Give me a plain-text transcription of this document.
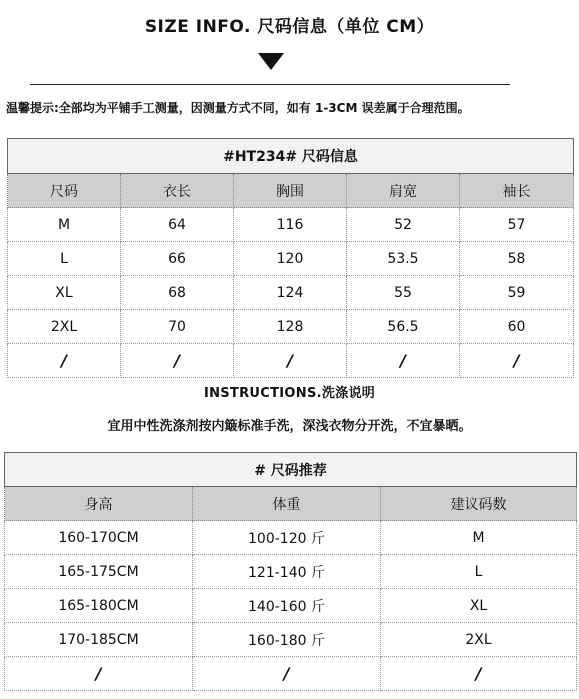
SIZE INFO. 尺码信息（单位 CM）
温馨提示:全部均为平铺手工测量，因测量方式不同，如有 1-3CM 误差属于合理范围。
#HT234# 尺码信息				
尺码	衣长	胸围	肩宽	袖长
M	64	116	52	57
L	66	120	53.5	58
XL	68	124	55	59
2XL	70	128	56.5	60
/	/	/	/	/
INSTRUCTIONS.洗涤说明
宜用中性洗涤剂按内簸标准手洗，深浅衣物分开洗，不宜暴晒。
# 尺码推荐		
身高	体重	建议码数
160-170CM	100-120 斤	M
165-175CM	121-140 斤	L
165-180CM	140-160 斤	XL
170-185CM	160-180 斤	2XL
/	/	/
